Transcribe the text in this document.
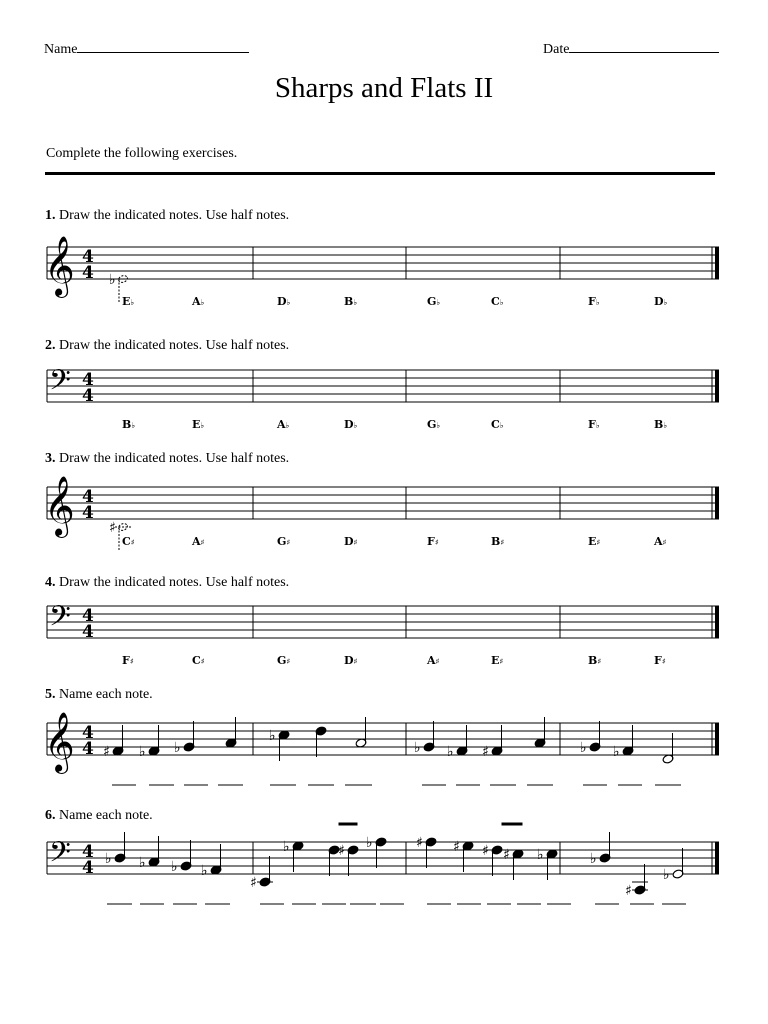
Name	Date
Sharps and Flats II
Complete the following exercises.
1. Draw the indicated notes. Use half notes.
2. Draw the indicated notes. Use half notes.
3. Draw the indicated notes. Use half notes.
4. Draw the indicated notes. Use half notes.
5. Name each note.
6. Name each note.
𝄞 4
4
E♭	A♭	D♭	B♭	G♭	C♭	F♭	D♭
♭
𝄢 4
4
B♭	E♭	A♭	D♭	G♭	C♭	F♭	B♭
𝄞 4
4
C♯	A♯	G♯	D♯	F♯	B♯	E♯	A♯
♯
𝄢 4
4
F♯	C♯	G♯	D♯	A♯	E♯	B♯	F♯
𝄞 4
4 ♯ ♭ ♭
♭
♭ ♭ ♯	♭ ♭
𝄢 4
4 ♭ ♭ ♭ ♭
♯
♭	♯ ♭	♯ ♯ ♯ ♯ ♭	♭
♯
♭
